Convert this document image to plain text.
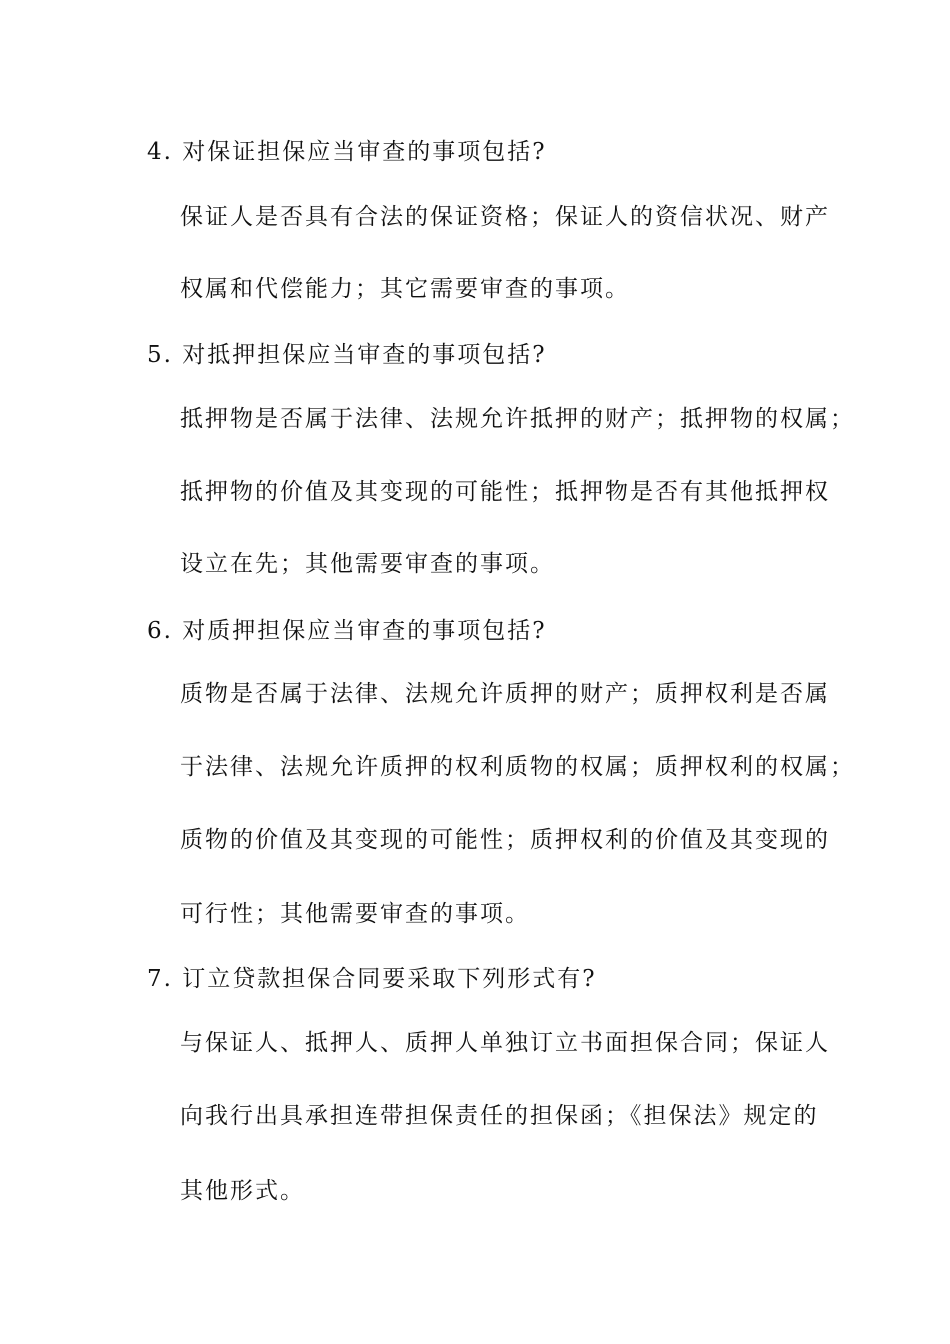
4. 对保证担保应当审查的事项包括?
保证人是否具有合法的保证资格；保证人的资信状况、财产
权属和代偿能力；其它需要审查的事项。
5. 对抵押担保应当审查的事项包括?
抵押物是否属于法律、法规允许抵押的财产；抵押物的权属；
抵押物的价值及其变现的可能性；抵押物是否有其他抵押权
设立在先；其他需要审查的事项。
6. 对质押担保应当审查的事项包括?
质物是否属于法律、法规允许质押的财产；质押权利是否属
于法律、法规允许质押的权利质物的权属；质押权利的权属；
质物的价值及其变现的可能性；质押权利的价值及其变现的
可行性；其他需要审查的事项。
7. 订立贷款担保合同要采取下列形式有?
与保证人、抵押人、质押人单独订立书面担保合同；保证人
向我行出具承担连带担保责任的担保函；《担保法》规定的
其他形式。
